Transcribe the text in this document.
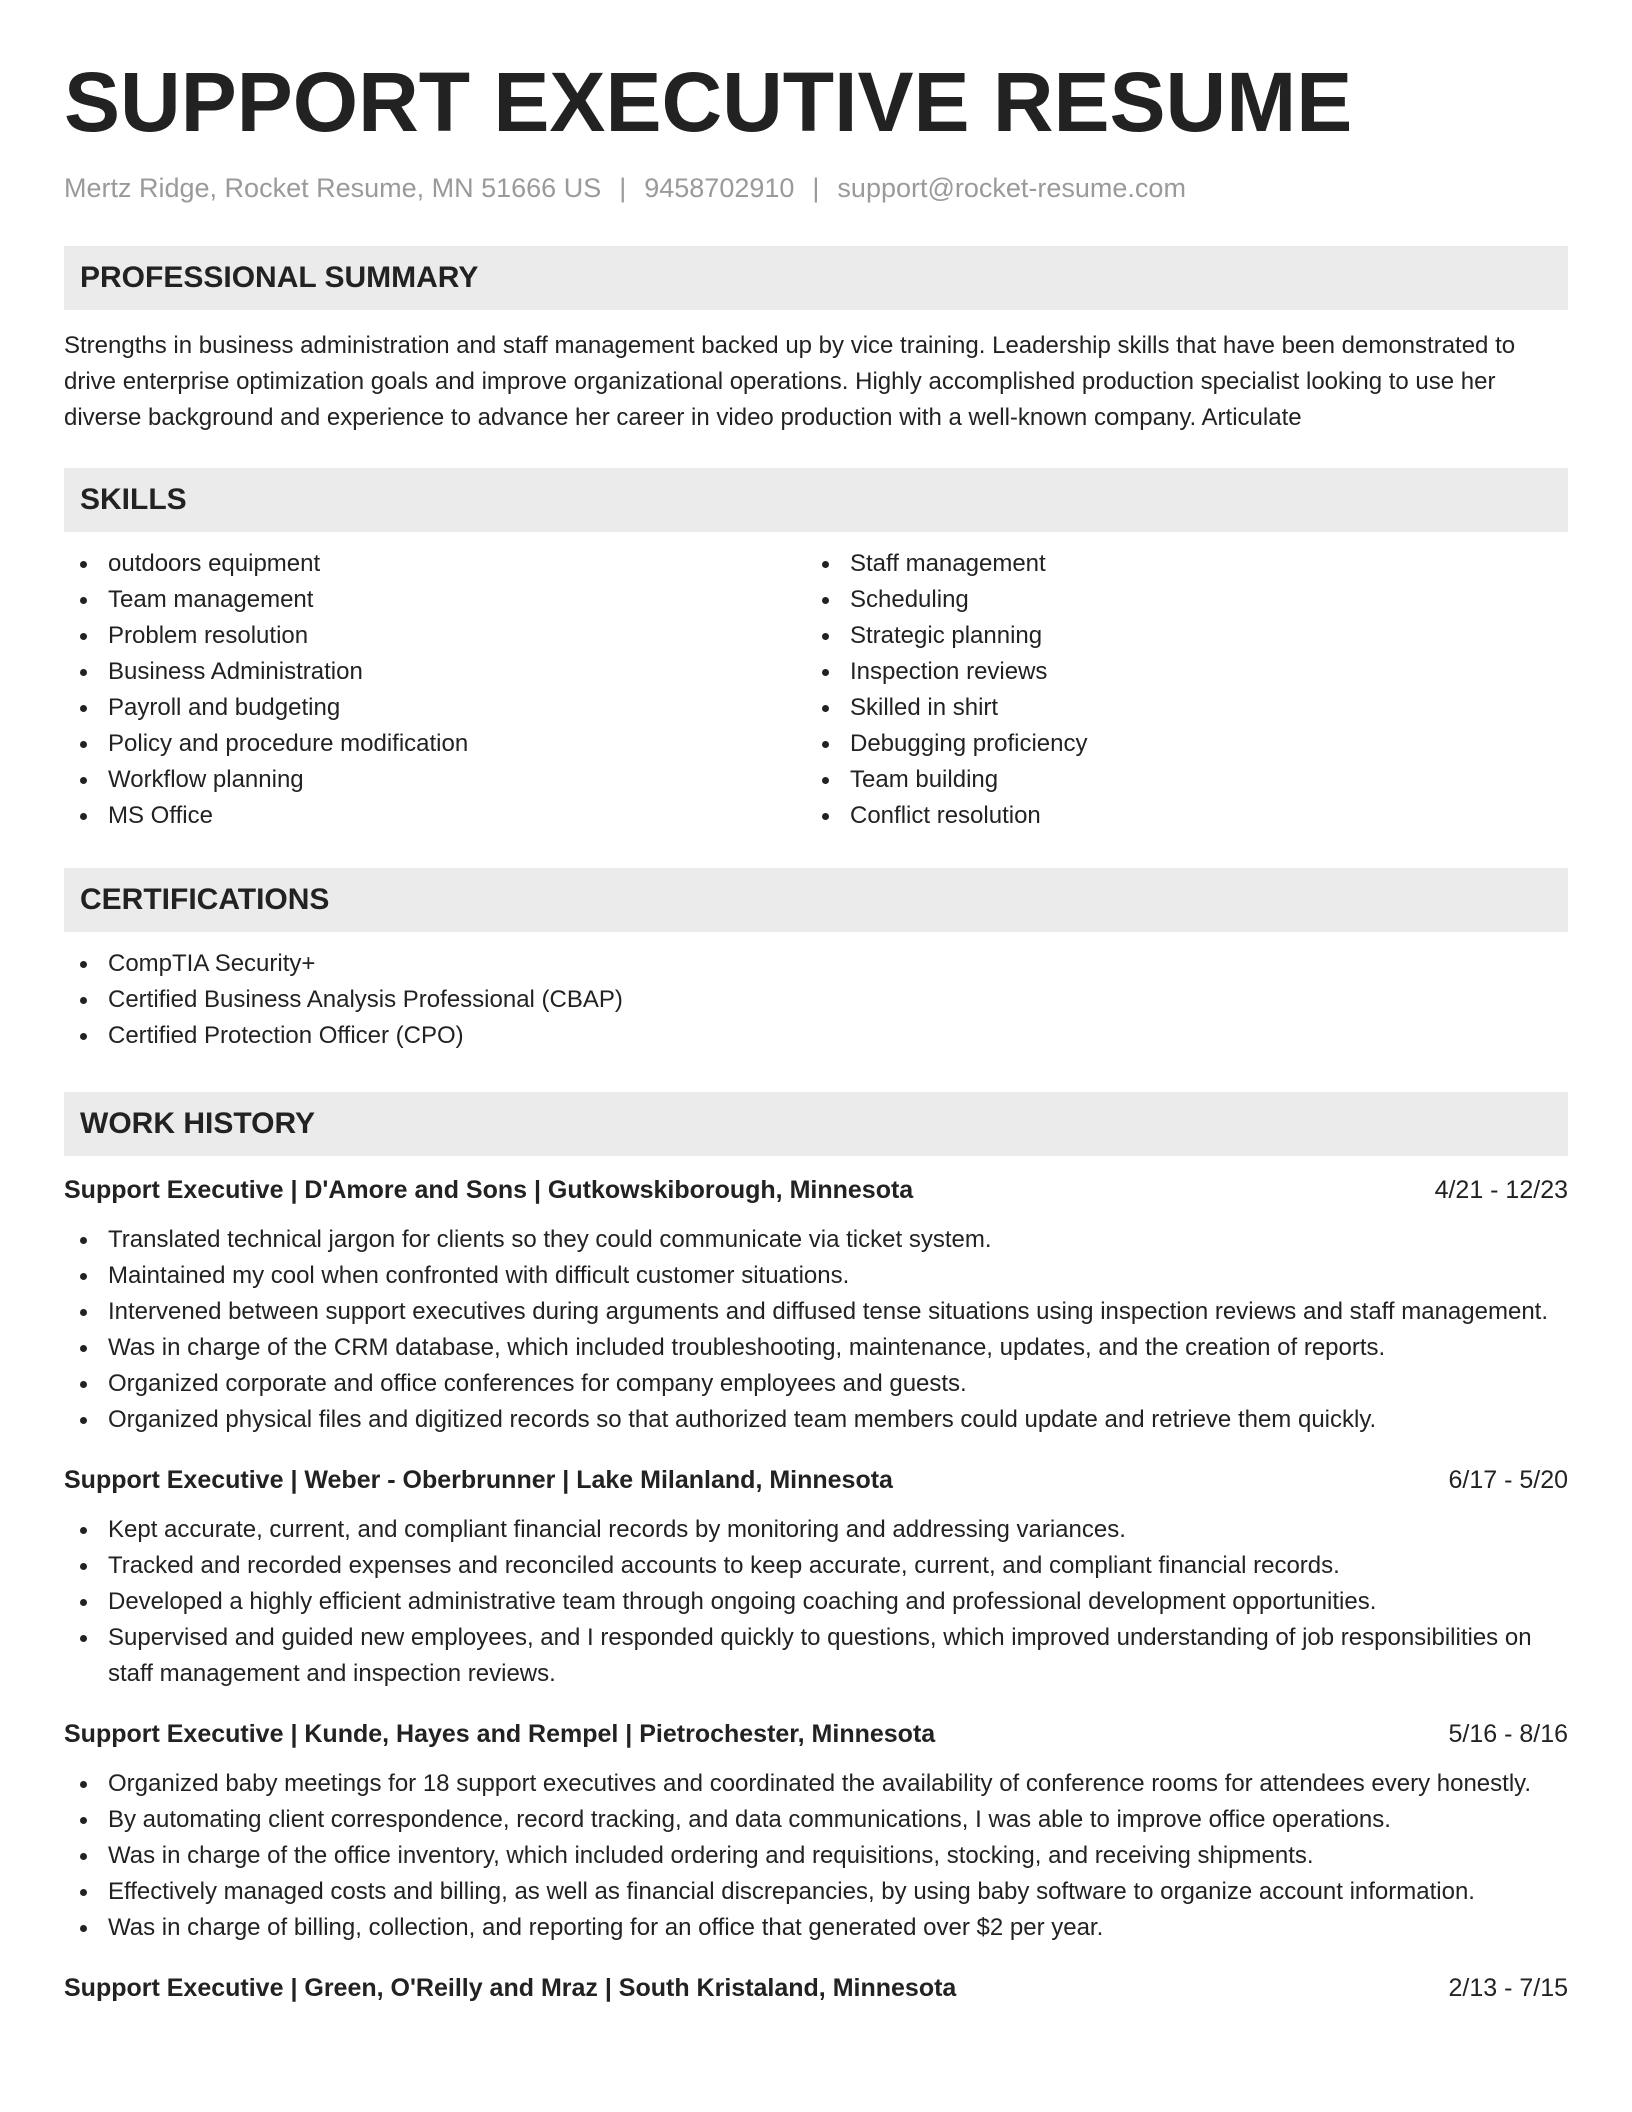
SUPPORT EXECUTIVE RESUME
Mertz Ridge, Rocket Resume, MN 51666 US | 9458702910 | support@rocket-resume.com
PROFESSIONAL SUMMARY

Strengths in business administration and staff management backed up by vice training. Leadership skills that have been demonstrated to drive enterprise optimization goals and improve organizational operations. Highly accomplished production specialist looking to use her diverse background and experience to advance her career in video production with a well-known company. Articulate

SKILLS
outdoors equipment
Team management
Problem resolution
Business Administration
Payroll and budgeting
Policy and procedure modification
Workflow planning
MS Office
Staff management
Scheduling
Strategic planning
Inspection reviews
Skilled in shirt
Debugging proficiency
Team building
Conflict resolution
CERTIFICATIONS
CompTIA Security+
Certified Business Analysis Professional (CBAP)
Certified Protection Officer (CPO)
WORK HISTORY
Support Executive | D'Amore and Sons | Gutkowskiborough, Minnesota	4/21 - 12/23
Translated technical jargon for clients so they could communicate via ticket system.
Maintained my cool when confronted with difficult customer situations.
Intervened between support executives during arguments and diffused tense situations using inspection reviews and staff management.
Was in charge of the CRM database, which included troubleshooting, maintenance, updates, and the creation of reports.
Organized corporate and office conferences for company employees and guests.
Organized physical files and digitized records so that authorized team members could update and retrieve them quickly.
Support Executive | Weber - Oberbrunner | Lake Milanland, Minnesota	6/17 - 5/20
Kept accurate, current, and compliant financial records by monitoring and addressing variances.
Tracked and recorded expenses and reconciled accounts to keep accurate, current, and compliant financial records.
Developed a highly efficient administrative team through ongoing coaching and professional development opportunities.
Supervised and guided new employees, and I responded quickly to questions, which improved understanding of job responsibilities on staff management and inspection reviews.
Support Executive | Kunde, Hayes and Rempel | Pietrochester, Minnesota	5/16 - 8/16
Organized baby meetings for 18 support executives and coordinated the availability of conference rooms for attendees every honestly.
By automating client correspondence, record tracking, and data communications, I was able to improve office operations.
Was in charge of the office inventory, which included ordering and requisitions, stocking, and receiving shipments.
Effectively managed costs and billing, as well as financial discrepancies, by using baby software to organize account information.
Was in charge of billing, collection, and reporting for an office that generated over $2 per year.
Support Executive | Green, O'Reilly and Mraz | South Kristaland, Minnesota	2/13 - 7/15
